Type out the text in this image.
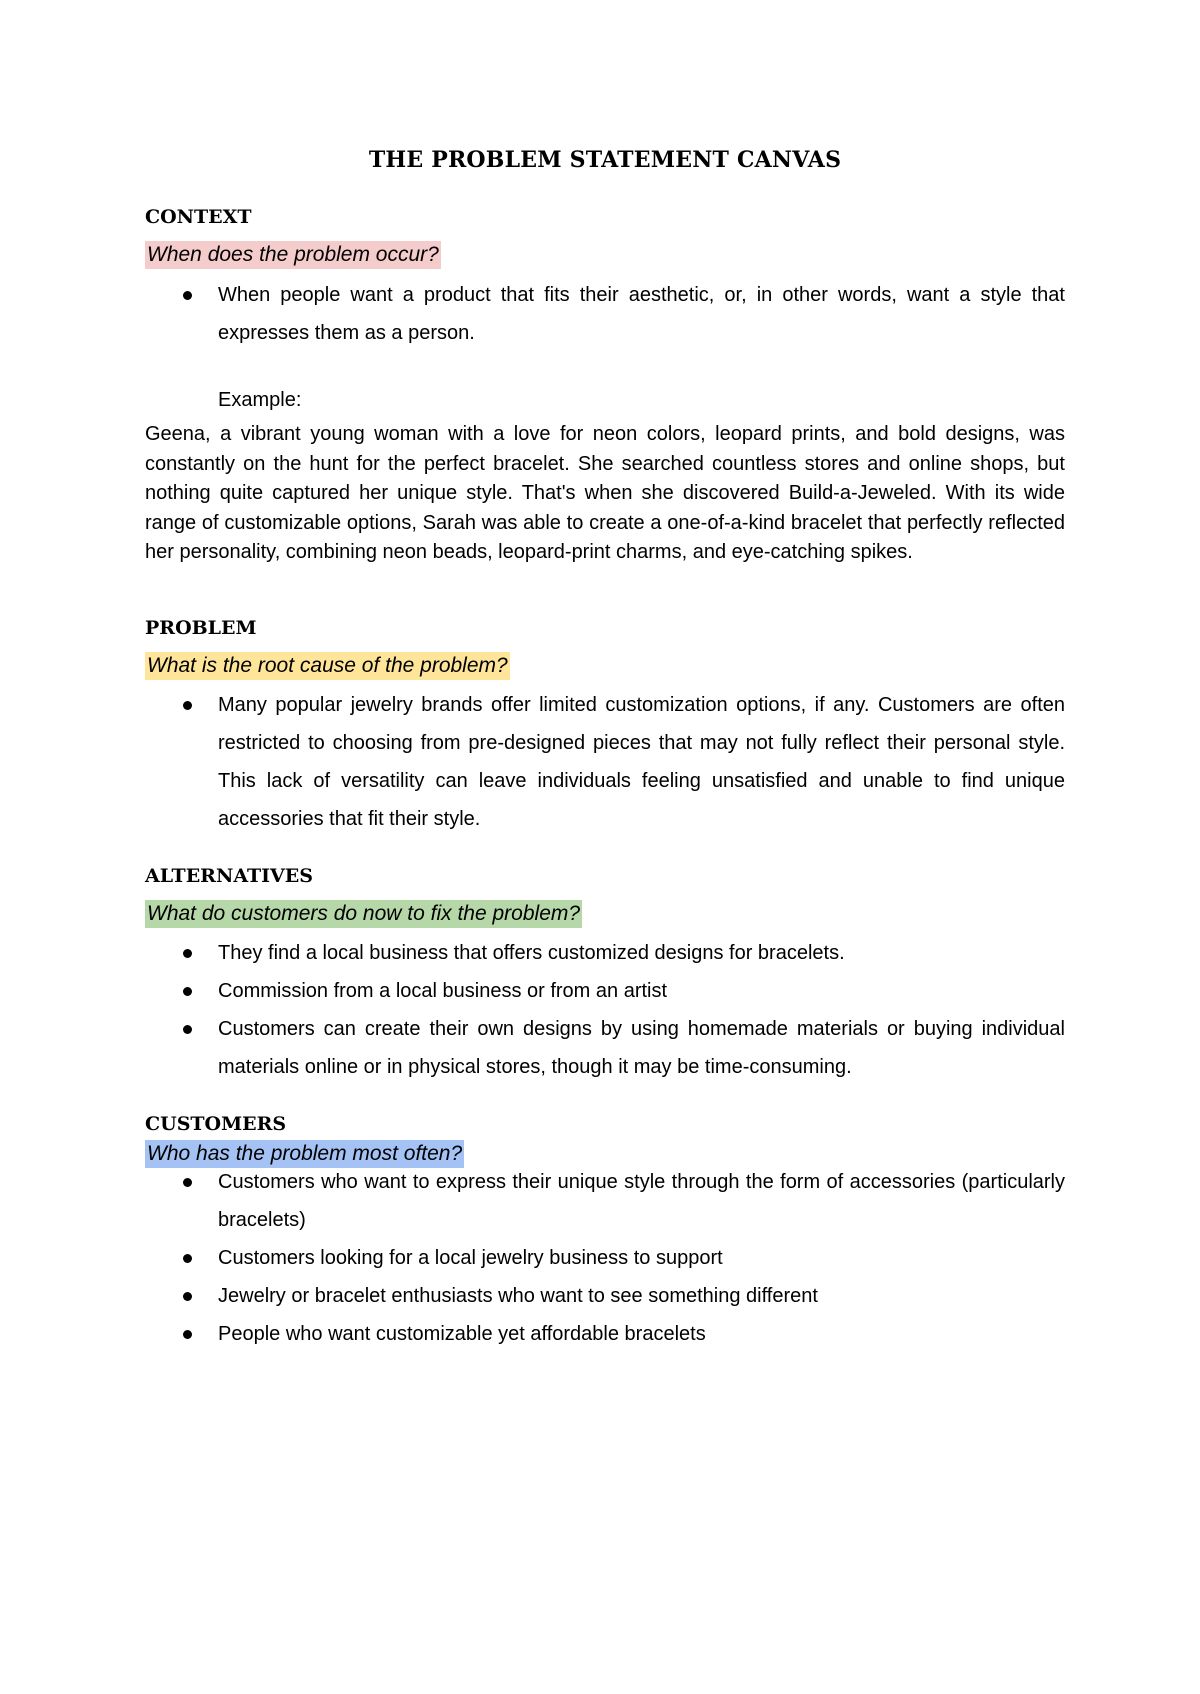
THE PROBLEM STATEMENT CANVAS
CONTEXT
When does the problem occur?
When people want a product that fits their aesthetic, or, in other words, want a style that expresses them as a person.
Example:

Geena, a vibrant young woman with a love for neon colors, leopard prints, and bold designs, was constantly on the hunt for the perfect bracelet. She searched countless stores and online shops, but nothing quite captured her unique style. That's when she discovered Build-a-Jeweled. With its wide range of customizable options, Sarah was able to create a one-of-a-kind bracelet that perfectly reflected her personality, combining neon beads, leopard-print charms, and eye-catching spikes.

PROBLEM
What is the root cause of the problem?
Many popular jewelry brands offer limited customization options, if any. Customers are often restricted to choosing from pre-designed pieces that may not fully reflect their personal style. This lack of versatility can leave individuals feeling unsatisfied and unable to find unique accessories that fit their style.
ALTERNATIVES
What do customers do now to fix the problem?
They find a local business that offers customized designs for bracelets.
Commission from a local business or from an artist
Customers can create their own designs by using homemade materials or buying individual materials online or in physical stores, though it may be time-consuming.
CUSTOMERS
Who has the problem most often?
Customers who want to express their unique style through the form of accessories (particularly bracelets)
Customers looking for a local jewelry business to support
Jewelry or bracelet enthusiasts who want to see something different
People who want customizable yet affordable bracelets
